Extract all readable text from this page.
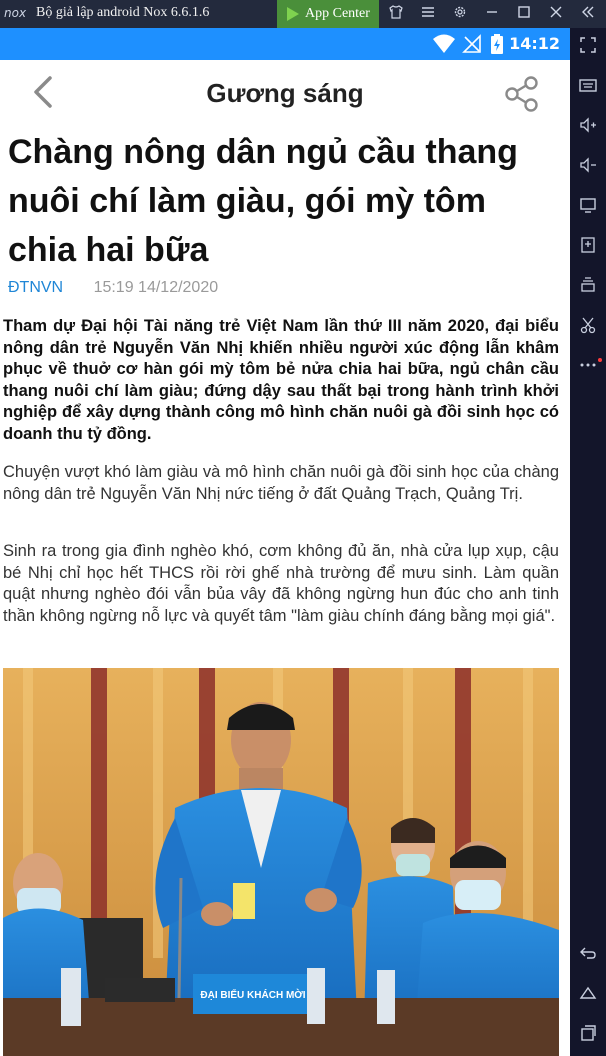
nox Bộ giả lập android Nox 6.6.1.6	App Center
14:12
Gương sáng
Chàng nông dân ngủ cầu thang nuôi chí làm giàu, gói mỳ tôm chia hai bữa
ĐTNVN 15:19 14/12/2020

Tham dự Đại hội Tài năng trẻ Việt Nam lần thứ III năm 2020, đại biểu nông dân trẻ Nguyễn Văn Nhị khiến nhiều người xúc động lẫn khâm phục về thuở cơ hàn gói mỳ tôm bẻ nửa chia hai bữa, ngủ chân cầu thang nuôi chí làm giàu; đứng dậy sau thất bại trong hành trình khởi nghiệp để xây dựng thành công mô hình chăn nuôi gà đồi sinh học có doanh thu tỷ đồng.

Chuyện vượt khó làm giàu và mô hình chăn nuôi gà đồi sinh học của chàng nông dân trẻ Nguyễn Văn Nhị nức tiếng ở đất Quảng Trạch, Quảng Trị.

Sinh ra trong gia đình nghèo khó, cơm không đủ ăn, nhà cửa lụp xụp, cậu bé Nhị chỉ học hết THCS rồi rời ghế nhà trường để mưu sinh. Làm quần quật nhưng nghèo đói vẫn bủa vây đã không ngừng hun đúc cho anh tinh thần không ngừng nỗ lực và quyết tâm "làm giàu chính đáng bằng mọi giá".

ĐẠI BIỂU KHÁCH MỜI
